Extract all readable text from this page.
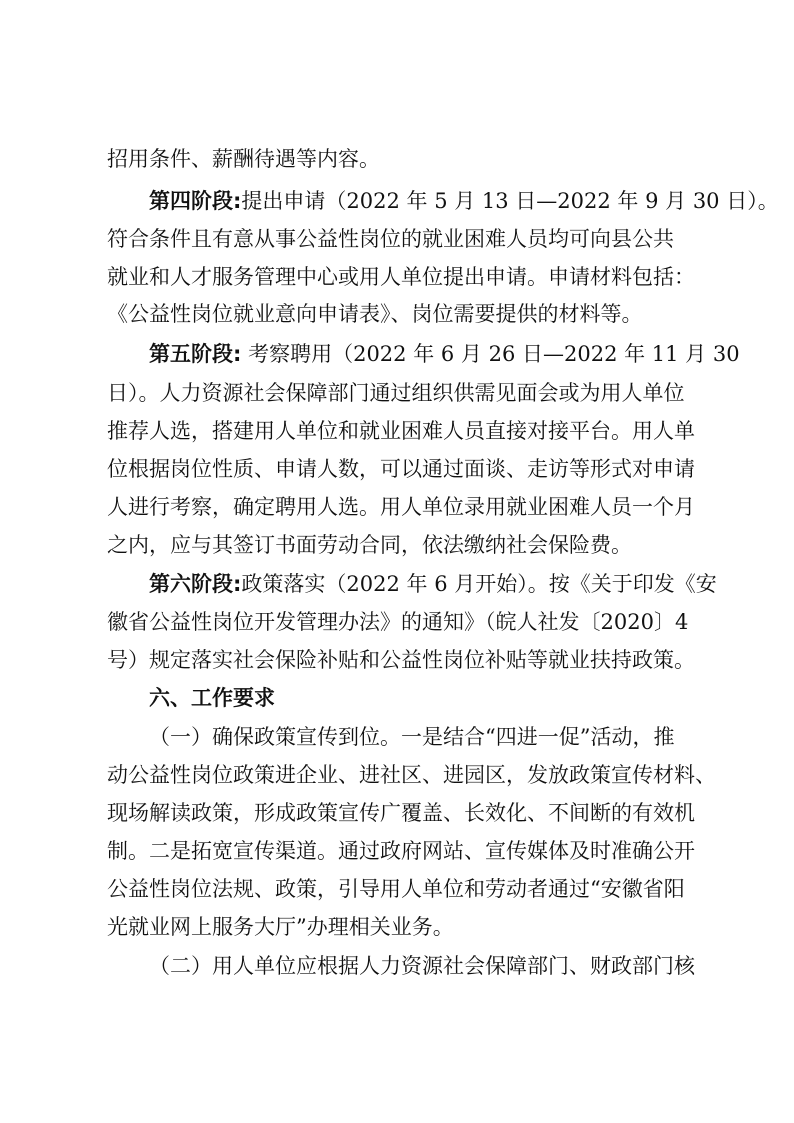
招用条件、薪酬待遇等内容。
第四阶段:提出申请（2022 年 5 月 13 日—2022 年 9 月 30 日）。
符合条件且有意从事公益性岗位的就业困难人员均可向县公共
就业和人才服务管理中心或用人单位提出申请。申请材料包括：
《公益性岗位就业意向申请表》、岗位需要提供的材料等。
第五阶段: 考察聘用（2022 年 6 月 26 日—2022 年 11 月 30
日）。人力资源社会保障部门通过组织供需见面会或为用人单位
推荐人选，搭建用人单位和就业困难人员直接对接平台。用人单
位根据岗位性质、申请人数，可以通过面谈、走访等形式对申请
人进行考察，确定聘用人选。用人单位录用就业困难人员一个月
之内，应与其签订书面劳动合同，依法缴纳社会保险费。
第六阶段:政策落实（2022 年 6 月开始）。按《关于印发《安
徽省公益性岗位开发管理办法》的通知》（皖人社发〔2020〕4
号）规定落实社会保险补贴和公益性岗位补贴等就业扶持政策。
六、工作要求
（一）确保政策宣传到位。一是结合“四进一促”活动，推
动公益性岗位政策进企业、进社区、进园区，发放政策宣传材料、
现场解读政策，形成政策宣传广覆盖、长效化、不间断的有效机
制。二是拓宽宣传渠道。通过政府网站、宣传媒体及时准确公开
公益性岗位法规、政策，引导用人单位和劳动者通过“安徽省阳
光就业网上服务大厅”办理相关业务。
（二）用人单位应根据人力资源社会保障部门、财政部门核
